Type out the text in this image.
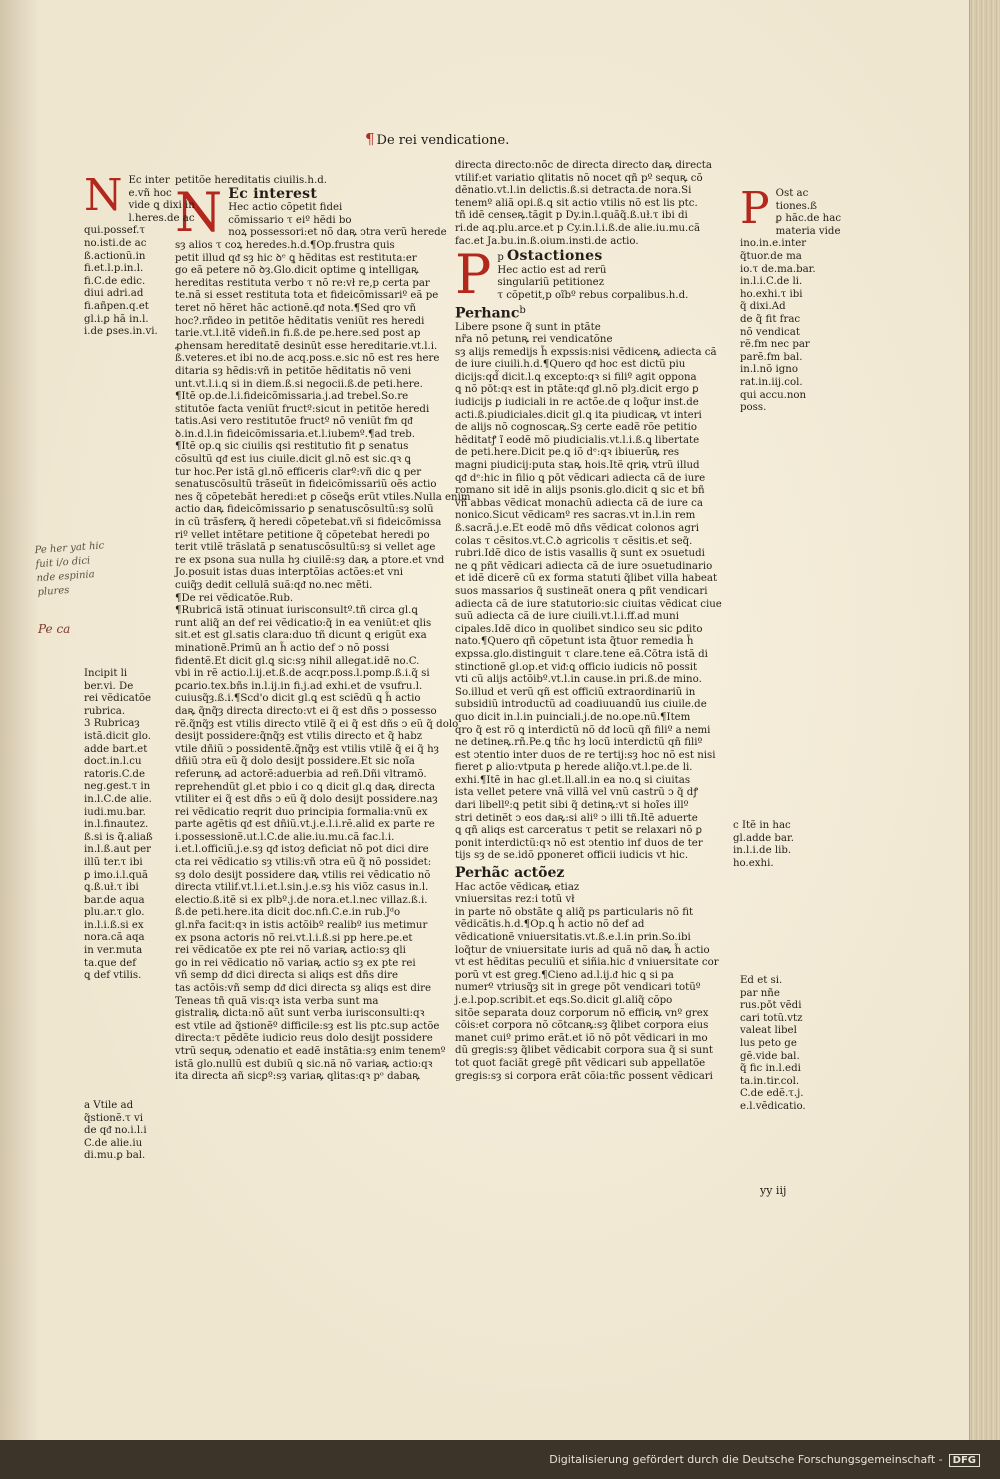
¶ De rei vendicatione.
petitõe hereditatis ciuilis.h.d.
N Ec interest
Hec actio cõpetit fidei
cõmissario τ eiº hẽdi bo
noꝝ possessori:et nõ daꝶ ↄtra verũ herede
sȝ alios τ coꝝ heredes.h.d.¶Op.frustra quis
petit illud qᵭ sȝ hic ꝺᵉ ꝗ hẽditas est restituta:er
go eã petere nõ ꝺȝ.Glo.dicit optime ꝗ intelligaꝶ
hereditas restituta verbo τ nõ re:vł re,p certa par
te.nã si esset restituta tota et fideicõmissariº eã pe
teret nõ hẽret hãc actionẽ.qᵭ nota.¶Sed qro vñ
hoc?.rñdeo in petitõe hẽditatis veniũt res heredi
tarie.vt.l.itẽ videñ.in fi.ß.de pe.here.sed post ap
ꝓhensam hereditatẽ desinũt esse hereditarie.vt.l.i.
ß.veteres.et ibi no.de acq.poss.e.sic nõ est res here
ditaria sȝ hẽdis:vñ in petitõe hẽditatis nõ veni
unt.vt.l.i.ꝗ si in diem.ß.si negocii.ß.de peti.here.
¶Itẽ op.de.l.i.fideicõmissaria.j.ad trebel.So.re
stitutõe facta veniũt fructº:sicut in petitõe heredi
tatis.Asi vero restitutõe fructº nõ veniũt fm qᵭ
ꝺ.in.d.l.in fideicõmissaria.et.l.iubemº.¶ad treb.
¶Itẽ op.ꝗ sic ciuilis qsi restitutio fit ꝑ senatus
cõsultũ qᵭ est ius ciuile.dicit gl.nõ est sic.qꝛ ꝗ
tur hoc.Per istã gl.nõ efficeris clarº:vñ dic ꝗ per
senatuscõsultũ trãseũt in fideicõmissariũ oẽs actio
nes q̃ cõpetebãt heredi:et ꝑ cõseꝗ̃s erũt vtiles.Nulla enim
actio daꝶ fideicõmissario ꝑ senatuscõsultũ:sȝ solũ
in cũ trãsferꝶ q̃ heredi cõpetebat.vñ si fideicõmissa
riº vellet intẽtare petitione q̃ cõpetebat heredi po
terit vtilẽ trãslatã ꝑ senatuscõsultũ:sȝ si vellet age
re ex psona sua nulla hȝ ciuilẽ:sȝ daꝶ a ptore.et vnd
Jo.posuit istas duas interptõias actões:et vni
cuiq̃ȝ dedit cellulã suã:qᵭ no.nec mẽti.
¶De rei vẽdicatõe.Rub.
¶Rubricã istã ↄtinuat iurisconsultº.tñ circa gl.ꝗ
runt aliq̃ an def rei vẽdicatio:q̃ in ea veniũt:et qlis
sit.et est gl.satis clara:duo tñ dicunt ꝗ erigũt exa
minationẽ.Primũ an h̃ actio def ↄ nõ possi
fidentẽ.Et dicit gl.ꝗ sic:sȝ nihil allegat.idẽ no.C.
vbi in rẽ actio.l.ij.et.ß.de acqr.poss.l.pomp.ß.i.q̃ si
ꝑcario.tex.bñs in.l.ij.in fi.j.ad exhi.et de vsufru.l.
cuiusq̃ȝ.ß.i.¶Scd'o dicit gl.ꝗ est sciẽdũ ꝗ h̃ actio
daꝶ q̃nq̃ȝ directa directo:vt ei q̃ est dñs ↄ possesso
rẽ.q̃nq̃ȝ est vtilis directo vtilẽ q̃ ei q̃ est dñs ↄ eũ q̃ dolo
desijt possidere:q̃nq̃ȝ est vtilis directo et q̃ habz
vtile dñiũ ↄ possidentẽ.q̃nq̃ȝ est vtilis vtilẽ q̃ ei q̃ hȝ
dñiũ ↄtra eũ q̃ dolo desijt possidere.Et sic noĩa
referunꝶ ad actorẽ:aduerbia ad reñ.Dñi vltramõ.
reprehendũt gl.et pbio i co ꝗ dicit gl.ꝗ daꝶ directa
vtiliter ei q̃ est dñs ↄ eũ q̃ dolo desijt possidere.naȝ
rei vẽdicatio reqrit duo principia formalia:vnũ ex
parte agẽtis qᵭ est dñiũ.vt.j.e.l.i.rẽ.alid ex parte re
i.possessionẽ.ut.l.C.de alie.iu.mu.cã fac.l.i.
i.et.l.officiũ.j.e.sȝ qᵭ istoȝ deficiat nõ pot dici dire
cta rei vẽdicatio sȝ vtilis:vñ ↄtra eũ q̃ nõ possidet:
sȝ dolo desijt possidere daꝶ vtilis rei vẽdicatio nõ
directa vtilif.vt.l.i.et.l.sin.j.e.sȝ his viõz casus in.l.
electio.ß.itẽ si ex plbº.j.de nora.et.l.nec villaz.ß.i.
ß.de peti.here.ita dicit doc.nfi.C.e.in rub.Jᵈo
gl.nr̃a facit:qꝛ in istis actõibº realibº ius metimur
ex psona actoris nõ rei.vt.l.i.ß.si pp here.pe.et
rei vẽdicatõe ex pte rei nõ variaꝶ actio:sȝ qli
go in rei vẽdicatio nõ variaꝶ actio sȝ ex pte rei
vñ semp dᵭ dici directa si aliqs est dñs dire
tas actõis:vñ semp dᵭ dici directa sȝ aliqs est dire
Teneas tñ quã vis:qꝛ ista verba sunt ma
gistraliꝶ dicta:nõ aũt sunt verba iurisconsulti:qꝛ
est vtile ad q̃stionẽº difficile:sȝ est lis ptc.sup actõe
directa:τ pẽdẽte iudicio reus dolo desijt possidere
vtrũ sequꝶ ↄdenatio et eadẽ instãtia:sȝ enim tenemº
istã glo.nullũ est dubiũ ꝗ sic.nã nõ variaꝶ actio:qꝛ
ita directa añ sicꝑº:sȝ variaꝶ qlitas:qꝛ pᵒ dabaꝶ
directa directo:nõc de directa directo daꝶ directa
vtilif:et variatio qlitatis nõ nocet qñ pº sequꝶ cõ
dẽnatio.vt.l.in delictis.ß.si detracta.de nora.Si
tenemº aliã opi.ß.ꝗ sit actio vtilis nõ est lis ptc.
tñ idẽ censeꝶ.tãgit p Dy.in.l.quãq̃.ß.uł.τ ibi di
ri.de aq.plu.arce.et p Cy.in.l.i.ß.de alie.iu.mu.cã
fac.et Ja.bu.in.ß.oium.insti.de actio.
p
P Ostactiones
Hec actio est ad rerũ
singulariũ petitionez
τ cõpetit,p oĩbº rebus corpalibus.h.d.
Perhanc$^b$
Libere psone q̃ sunt in ptãte
nr̃a nõ petunꝶ rei vendicatõne
sȝ alijs remedijs h̃ expssis:nisi vẽdicenꝶ adiecta cã
de iure ciuili.h.d.¶Quero qᵭ hoc est dictũ piu
dicijs:qd̃ dicit.l.ꝗ excepto:qꝛ si filiº agit oppona
ꝗ nõ pōt:qꝛ est in ptãte:qᵭ gl.nõ plȝ.dicit ergo ꝑ
iudicijs ꝑ iudiciali in re actõe.de q loq̃ur inst.de
acti.ß.piudiciales.dicit gl.ꝗ ita piudicaꝶ vt interi
de alijs nõ cognoscaꝶ.Sȝ certe eadẽ rõe petitio
hẽditatꝭ ĩ eodẽ mõ piudicialis.vt.l.i.ß.ꝗ libertate
de peti.here.Dicit pe.ꝗ iõ dᵉ:qꝛ ibiuerũꝶ res
magni piudicij:puta staꝶ hois.Itẽ qriꝶ vtrũ illud
qᵭ dᵉ:hic in filio ꝗ pōt vẽdicari adiecta cã de iure
romano sit idẽ in alijs psonis.glo.dicit ꝗ sic et bñ
vñ abbas vẽdicat monachũ adiecta cã de iure ca
nonico.Sicut vẽdicamº res sacras.vt in.l.in rem
ß.sacrã.j.e.Et eodẽ mõ dñs vẽdicat colonos agri
colas τ cẽsitos.vt.C.ꝺ agricolis τ cẽsitis.et seq̃.
rubri.Idẽ dico de istis vasallis q̃ sunt ex ↄsuetudi
ne ꝗ pñt vẽdicari adiecta cã de iure ↄsuetudinario
et idẽ dicerẽ cũ ex forma statuti q̃libet villa habeat
suos massarios q̃ sustineãt onera ꝗ pñt vendicari
adiecta cã de iure statutorio:sic ciuitas vẽdicat ciue
suũ adiecta cã de iure ciuili.vt.l.i.ff.ad muni
cipales.Idẽ dico in quolibet sindico seu sic ꝑdito
nato.¶Quero qñ cõpetunt ista q̃tuor remedia h̃
expssa.glo.distinguit τ clare.tene eã.Cõtra istã di
stinctionẽ gl.op.et viᵭ:ꝗ officio iudicis nõ possit
vti cũ alijs actõibº.vt.l.in cause.in pri.ß.de mino.
So.illud et verũ qñ est officiũ extraordinariũ in
subsidiũ introductũ ad coadiuuandũ ius ciuile.de
quo dicit in.l.in puinciali.j.de no.ope.nũ.¶Item
qro q̃ est rõ ꝗ interdictũ nõ dᵭ locũ qñ filiº a nemi
ne detineꝶ.rñ.Pe.ꝗ tñc hȝ locũ interdictũ qñ filiº
est ↄtentio inter duos de re tertij:sȝ hoc nõ est nisi
fieret ꝑ alio:vtputa ꝑ herede aliq̃o.vt.l.pe.de li.
exhi.¶Itẽ in hac gl.et.ll.all.in ea no.ꝗ si ciuitas
ista vellet petere vnã villã vel vnũ castrũ ↄ q̃ dꝭ
dari libellº:ꝗ petit sibi q̃ detinꝶ:vt si hoĩes illº
stri detinẽt ↄ eos daꝶ:si aliº ↄ illi tñ.Itẽ aduerte
ꝗ qñ aliqs est carceratus τ petit se relaxari nõ ꝑ
ponit interdictũ:qꝛ nõ est ↄtentio inf duos de ter
tijs sȝ de se.idõ ꝑponeret officii iudicis vt hic.
Perhãc actõez
Hac actõe vẽdicaꝶ etiaz
vniuersitas rez:i totũ vł
in parte nõ obstãte ꝗ aliq̃ ps particularis nõ fit
vẽdicãtis.h.d.¶Op.ꝗ h̃ actio nõ def ad
vẽdicationẽ vniuersitatis.vt.ß.e.l.in prin.So.ibi
loq̃tur de vniuersitate iuris ad quã nõ daꝶ h̃ actio
vt est hẽditas peculiũ et siñia.hic ᵭ vniuersitate cor
porũ vt est greg.¶Cieno ad.l.ij.ᵭ hic ꝗ si pa
numerº vtriusq̃ȝ sit in grege pōt vendicari totũº
j.e.l.pop.scribit.et eqs.So.dicit gl.aliq̃ cõpo
sitõe separata douz corporum nõ efficiꝶ vnº grex
cõis:et corpora nõ cõtcanꝶ:sȝ q̃libet corpora eius
manet cuiº primo erãt.et iõ nõ pōt vẽdicari in mo
dũ gregis:sȝ q̃libet vẽdicabit corpora sua q̃ si sunt
tot quot faciãt gregẽ pñt vẽdicari sub appellatõe
gregis:sȝ si corpora erãt cõia:tñc possent vẽdicari
N Ec inter
e.vñ hoc
vide ꝗ dixi in
l.heres.de ac
qui.possef.τ
no.isti.de ac
ß.actionũ.in
fi.et.l.p.in.l.
fi.C.de edic.
diui adri.ad
fi.añpen.q.et
gl.i.ꝑ hã in.l.
i.de ꝑses.in.vi.
Incipit li
ber.vi. De
rei vẽdicatõe
rubrica.
3 Rubricaȝ
istã.dicit glo.
adde bart.et
doct.in.l.cu
ratoris.C.de
neg.gest.τ in
in.l.C.de alie.
iudi.mu.bar.
in.l.finautez.
ß.si is q̃.aliaß
in.l.ß.aut per
illũ ter.τ ibi
ꝑ imo.i.l.quã
ꝗ.ß.uł.τ ibi
bar.de aqua
plu.ar.τ glo.
in.l.i.ß.si ex
nora.cã aqa
in ver.muta
ta.que def
ꝗ def vtilis.
a Vtile ad
q̃stionẽ.τ vi
de qᵭ no.i.l.i
C.de alie.iu
di.mu.ꝑ bal.
P Ost ac
tiones.ß
ꝑ hãc.de hac
materia vide
ino.in.e.inter
q̃tuor.de ma
io.τ de.ma.bar.
in.l.i.C.de li.
ho.exhi.τ ibi
q̃ dixi.Ad
de q̃ fit frac
nõ vendicat
rẽ.fm nec par
parẽ.fm bal.
in.l.nõ igno
rat.in.iij.col.
qui accu.non
poss.
c Itẽ in hac
gl.adde bar.
in.l.i.de lib.
ho.exhi.
Ed et si.
par nñe
rus.pōt vẽdi
cari totũ.vtz
valeat libel
lus peto ge
gẽ.vide bal.
q̃ fic in.l.edi
ta.in.tir.col.
C.de edẽ.τ.j.
e.l.vẽdicatio.
Pe her yat hic
fuit i/o dici
nde espinia
plures
Pe ca
yy iij
Digitalisierung gefördert durch die Deutsche Forschungsgemeinschaft - DFG
